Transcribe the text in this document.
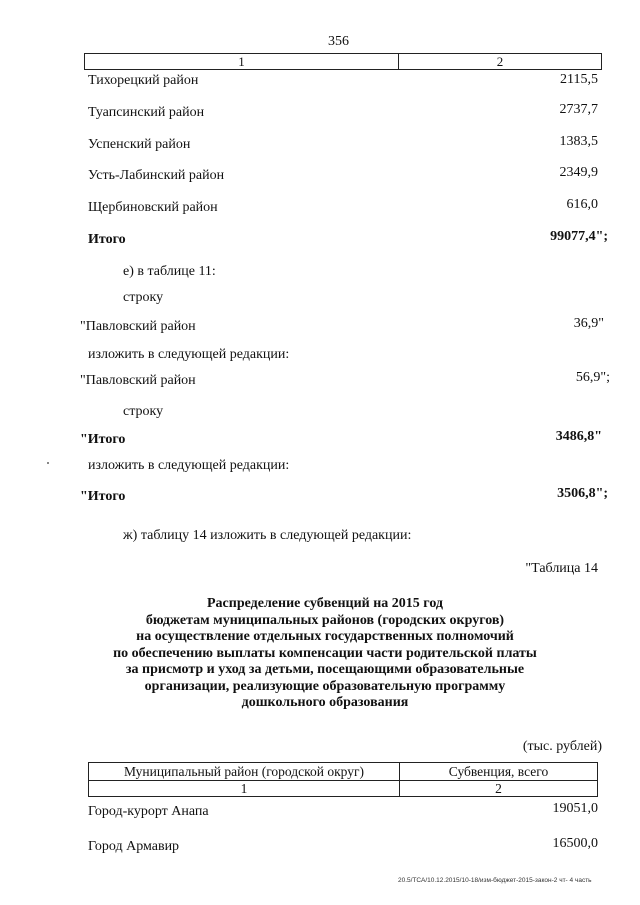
356
1	2
Тихорецкий район	2115,5
Туапсинский район	2737,7
Успенский район	1383,5
Усть-Лабинский район	2349,9
Щербиновский район	616,0
Итого	99077,4";
е) в таблице 11:
строку
"Павловский район	36,9"
изложить в следующей редакции:
"Павловский район	56,9";
строку
"Итого	3486,8"
изложить в следующей редакции:
"Итого	3506,8";
ж) таблицу 14 изложить в следующей редакции:
"Таблица 14
Распределение субвенций на 2015 год
бюджетам муниципальных районов (городских округов)
на осуществление отдельных государственных полномочий
по обеспечению выплаты компенсации части родительской платы
за присмотр и уход за детьми, посещающими образовательные
организации, реализующие образовательную программу
дошкольного образования
(тыс. рублей)
Муниципальный район (городской округ)	Субвенция, всего
1	2
Город-курорт Анапа	19051,0
Город Армавир	16500,0
20.5/ТСА/10.12.2015/10-18/изм-бюджет-2015-закон-2 чт- 4 часть
